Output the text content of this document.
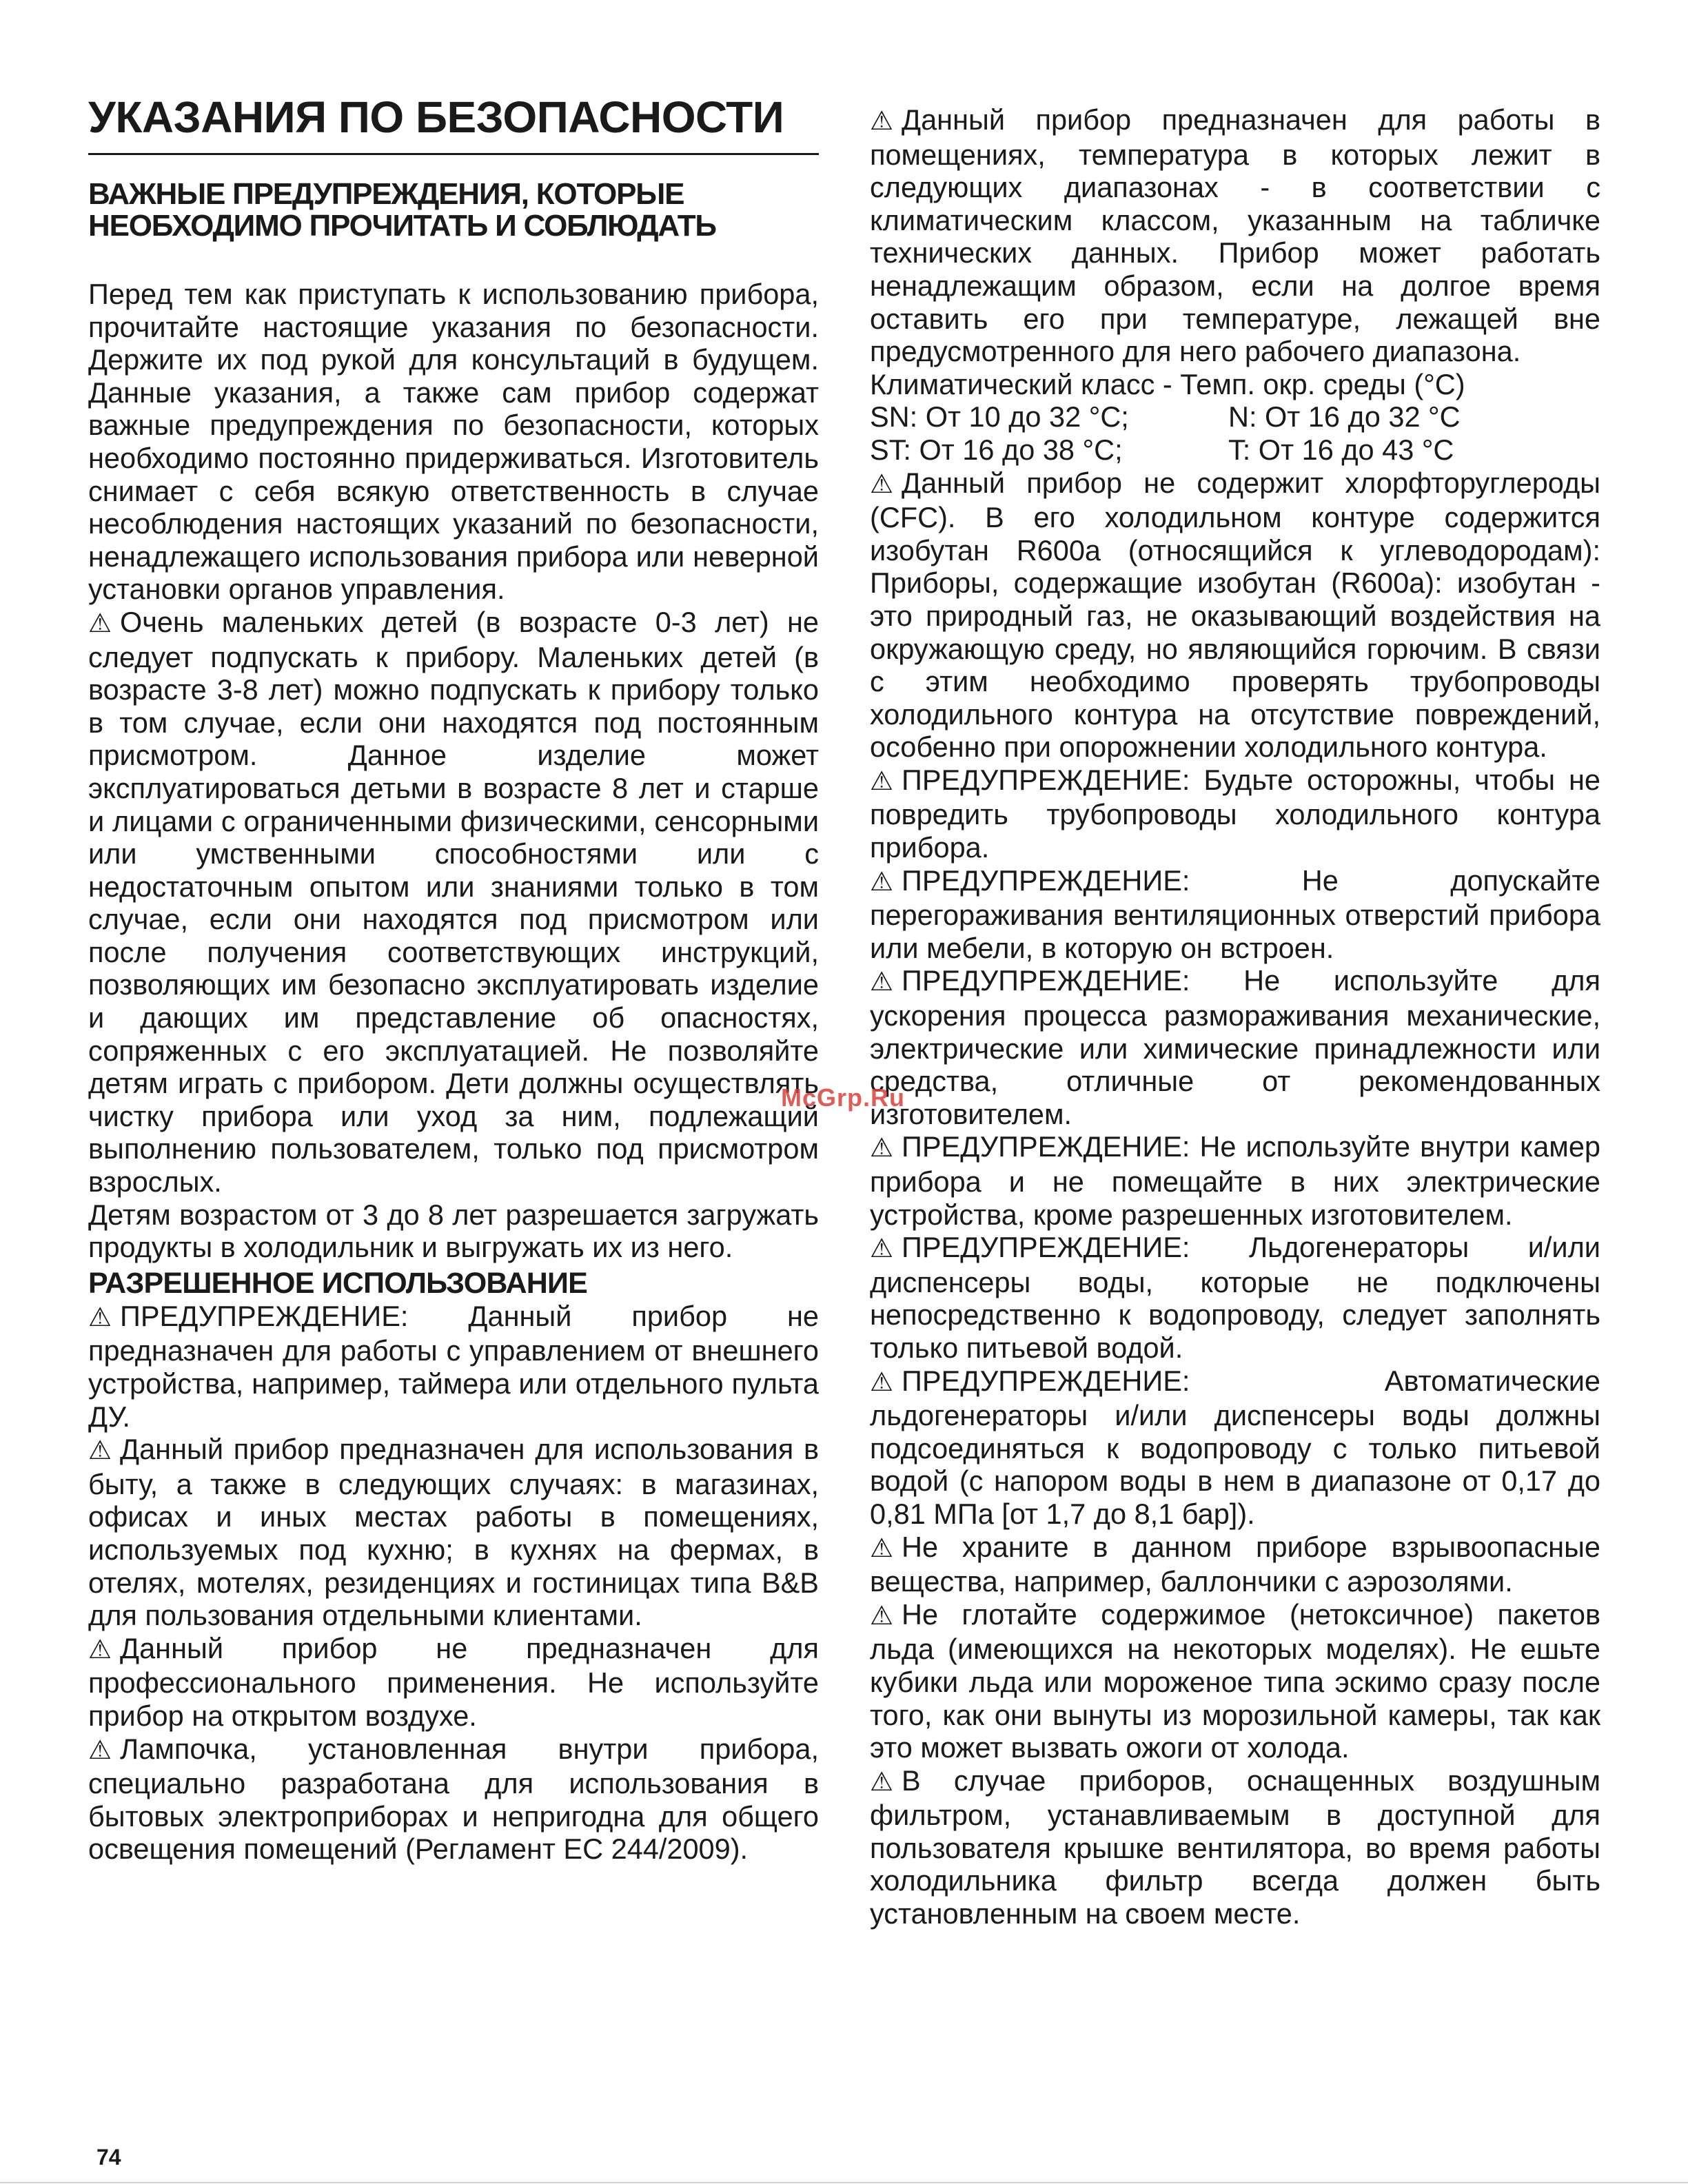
УКАЗАНИЯ ПО БЕЗОПАСНОСТИ
ВАЖНЫЕ ПРЕДУПРЕЖДЕНИЯ, КОТОРЫЕ НЕОБХОДИМО ПРОЧИТАТЬ И СОБЛЮДАТЬ

Перед тем как приступать к использованию прибора, прочитайте настоящие указания по безопасности. Держите их под рукой для консультаций в будущем. Данные указания, а также сам прибор содержат важные предупреждения по безопасности, которых необходимо постоянно придерживаться. Изготовитель снимает с себя всякую ответственность в случае несоблюдения настоящих указаний по безопасности, ненадлежащего использования прибора или неверной установки органов управления.

⚠ Очень маленьких детей (в возрасте 0-3 лет) не следует подпускать к прибору. Маленьких детей (в возрасте 3-8 лет) можно подпускать к прибору только в том случае, если они находятся под постоянным присмотром. Данное изделие может эксплуатироваться детьми в возрасте 8 лет и старше и лицами с ограниченными физическими, сенсорными или умственными способностями или с недостаточным опытом или знаниями только в том случае, если они находятся под присмотром или после получения соответствующих инструкций, позволяющих им безопасно эксплуатировать изделие и дающих им представление об опасностях, сопряженных с его эксплуатацией. Не позволяйте детям играть с прибором. Дети должны осуществлять чистку прибора или уход за ним, подлежащий выполнению пользователем, только под присмотром взрослых.

Детям возрастом от 3 до 8 лет разрешается загружать продукты в холодильник и выгружать их из него.

РАЗРЕШЕННОЕ ИСПОЛЬЗОВАНИЕ

⚠ ПРЕДУПРЕЖДЕНИЕ: Данный прибор не предназначен для работы с управлением от внешнего устройства, например, таймера или отдельного пульта ДУ.

⚠ Данный прибор предназначен для использования в быту, а также в следующих случаях: в магазинах, офисах и иных местах работы в помещениях, используемых под кухню; в кухнях на фермах, в отелях, мотелях, резиденциях и гостиницах типа B&B для пользования отдельными клиентами.

⚠ Данный прибор не предназначен для профессионального применения. Не используйте прибор на открытом воздухе.

⚠ Лампочка, установленная внутри прибора, специально разработана для использования в бытовых электроприборах и непригодна для общего освещения помещений (Регламент ЕС 244/2009).

⚠ Данный прибор предназначен для работы в помещениях, температура в которых лежит в следующих диапазонах - в соответствии с климатическим классом, указанным на табличке технических данных. Прибор может работать ненадлежащим образом, если на долгое время оставить его при температуре, лежащей вне предусмотренного для него рабочего диапазона.

Климатический класс - Темп. окр. среды (°C)

SN: От 10 до 32 °C;	N: От 16 до 32 °C
ST: От 16 до 38 °C;	T: От 16 до 43 °C

⚠ Данный прибор не содержит хлорфторуглероды (CFC). В его холодильном контуре содержится изобутан R600a (относящийся к углеводородам): Приборы, содержащие изобутан (R600a): изобутан - это природный газ, не оказывающий воздействия на окружающую среду, но являющийся горючим. В связи с этим необходимо проверять трубопроводы холодильного контура на отсутствие повреждений, особенно при опорожнении холодильного контура.

⚠ ПРЕДУПРЕЖДЕНИЕ: Будьте осторожны, чтобы не повредить трубопроводы холодильного контура прибора.

⚠ ПРЕДУПРЕЖДЕНИЕ: Не допускайте перегораживания вентиляционных отверстий прибора или мебели, в которую он встроен.

⚠ ПРЕДУПРЕЖДЕНИЕ: Не используйте для ускорения процесса размораживания механические, электрические или химические принадлежности или средства, отличные от рекомендованных изготовителем.

⚠ ПРЕДУПРЕЖДЕНИЕ: Не используйте внутри камер прибора и не помещайте в них электрические устройства, кроме разрешенных изготовителем.

⚠ ПРЕДУПРЕЖДЕНИЕ: Льдогенераторы и/или диспенсеры воды, которые не подключены непосредственно к водопроводу, следует заполнять только питьевой водой.

⚠ ПРЕДУПРЕЖДЕНИЕ: Автоматические льдогенераторы и/или диспенсеры воды должны подсоединяться к водопроводу с только питьевой водой (с напором воды в нем в диапазоне от 0,17 до 0,81 МПа [от 1,7 до 8,1 бар]).

⚠ Не храните в данном приборе взрывоопасные вещества, например, баллончики с аэрозолями.

⚠ Не глотайте содержимое (нетоксичное) пакетов льда (имеющихся на некоторых моделях). Не ешьте кубики льда или мороженое типа эскимо сразу после того, как они вынуты из морозильной камеры, так как это может вызвать ожоги от холода.

⚠ В случае приборов, оснащенных воздушным фильтром, устанавливаемым в доступной для пользователя крышке вентилятора, во время работы холодильника фильтр всегда должен быть установленным на своем месте.

McGrp.Ru
74
